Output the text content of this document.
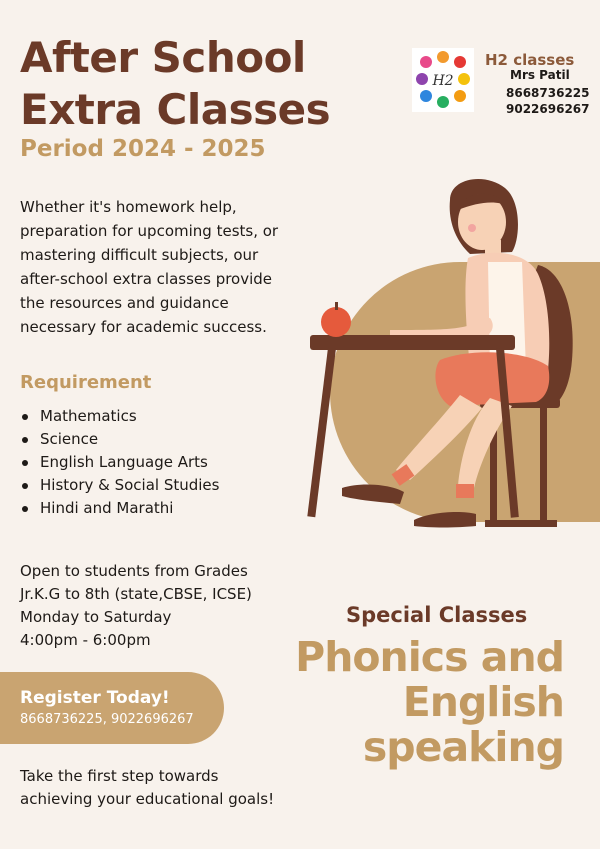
After School
Extra Classes
Period 2024 - 2025
H2
H2 classes
Mrs Patil
8668736225
9022696267

Whether it's homework help, preparation for upcoming tests, or mastering difficult subjects, our after-school extra classes provide the resources and guidance necessary for academic success.

Requirement
Mathematics
Science
English Language Arts
History & Social Studies
Hindi and Marathi
Open to students from Grades
Jr.K.G to 8th (state,CBSE, ICSE)
Monday to Saturday
4:00pm - 6:00pm
Register Today!
8668736225, 9022696267
Take the first step towards
achieving your educational goals!
Special Classes
Phonics and
English
speaking
